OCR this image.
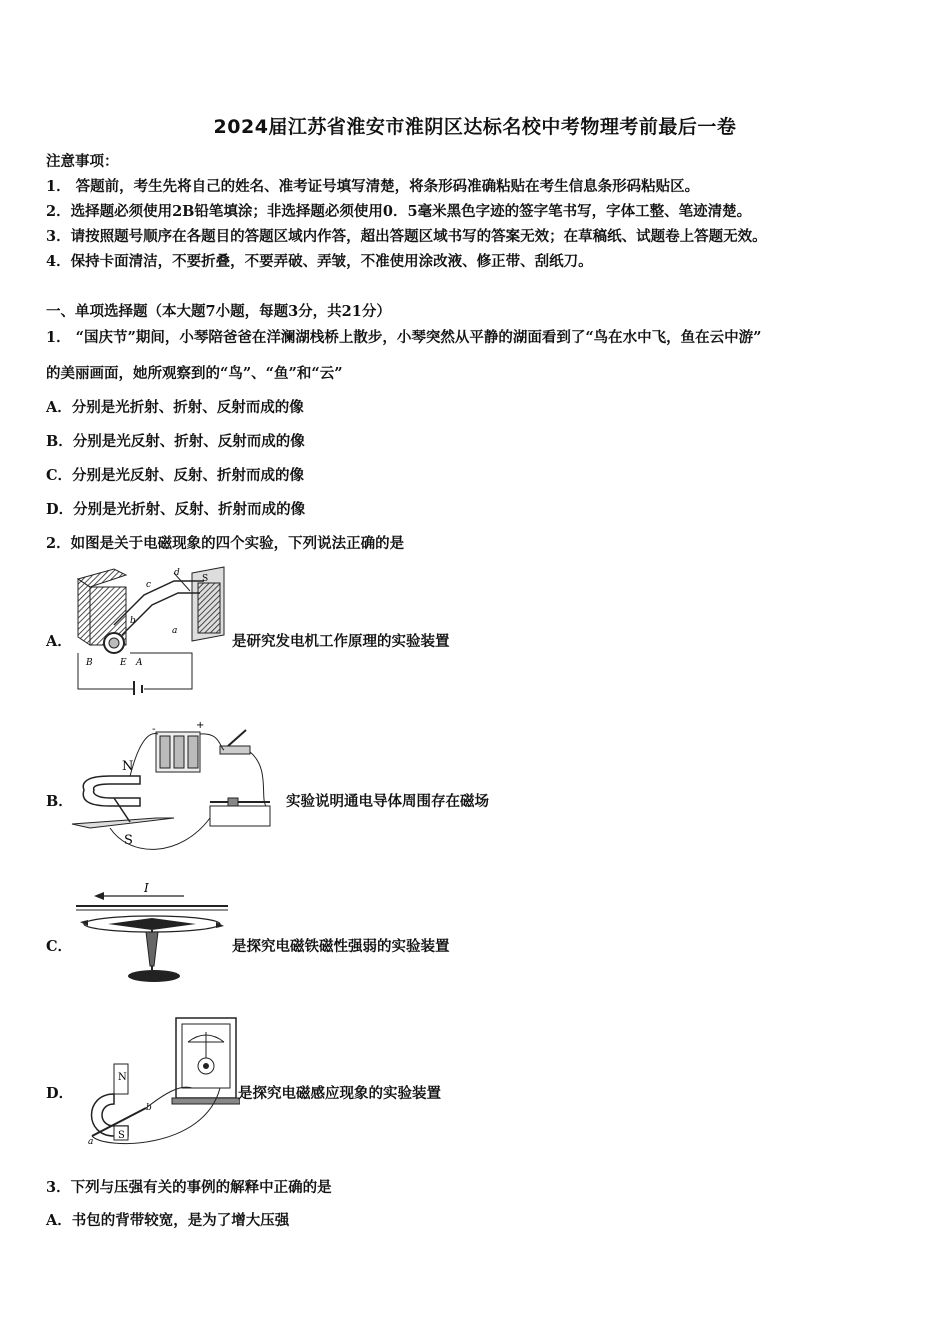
2024届江苏省淮安市淮阴区达标名校中考物理考前最后一卷
注意事项：
1． 答题前，考生先将自己的姓名、准考证号填写清楚，将条形码准确粘贴在考生信息条形码粘贴区。
2．选择题必须使用2B铅笔填涂；非选择题必须使用0．5毫米黑色字迹的签字笔书写，字体工整、笔迹清楚。
3．请按照题号顺序在各题目的答题区域内作答，超出答题区域书写的答案无效；在草稿纸、试题卷上答题无效。
4．保持卡面清洁，不要折叠，不要弄破、弄皱，不准使用涂改液、修正带、刮纸刀。
一、单项选择题（本大题7小题，每题3分，共21分）
1． “国庆节”期间，小琴陪爸爸在洋澜湖栈桥上散步，小琴突然从平静的湖面看到了“鸟在水中飞，鱼在云中游”
的美丽画面，她所观察到的“鸟”、“鱼”和“云”
A．分别是光折射、折射、反射而成的像
B．分别是光反射、折射、反射而成的像
C．分别是光反射、反射、折射而成的像
D．分别是光折射、反射、折射而成的像
2．如图是关于电磁现象的四个实验，下列说法正确的是
A．
c
d
b
a
S
B	A
E
是研究发电机工作原理的实验装置
B．
-	+
N
S
实验说明通电导体周围存在磁场
C．
I
是探究电磁铁磁性强弱的实验装置
D．
N
S
a
b
是探究电磁感应现象的实验装置
3．下列与压强有关的事例的解释中正确的是
A．书包的背带较宽，是为了增大压强
